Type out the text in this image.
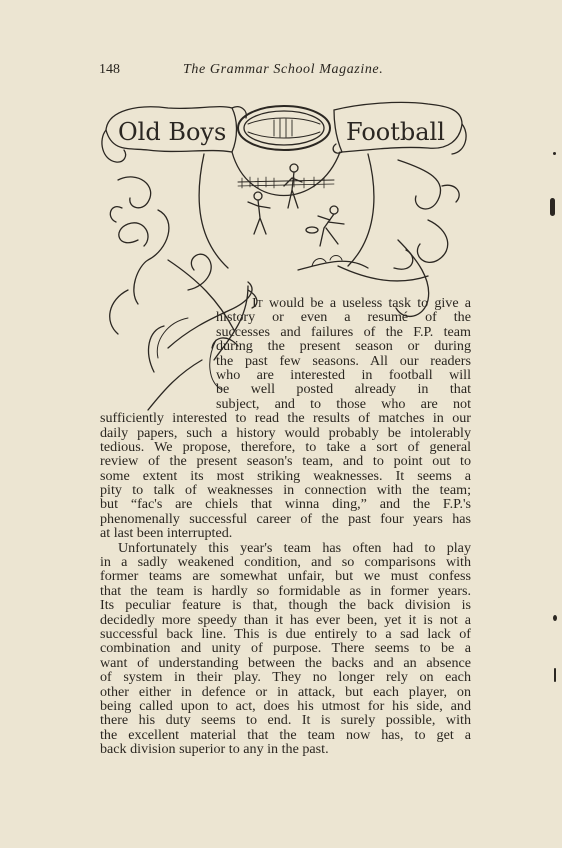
148	The Grammar School Magazine.
Old Boys	Football
It would be a useless task to give a
history or even a resumé of the
successes and failures of the F.P. team
during the present season or during
the past few seasons. All our readers
who are interested in football will
be well posted already in that
subject, and to those who are not
sufficiently interested to read the results of matches in our
daily papers, such a history would probably be intolerably
tedious. We propose, therefore, to take a sort of general
review of the present season's team, and to point out to
some extent its most striking weaknesses. It seems a
pity to talk of weaknesses in connection with the team;
but “fac's are chiels that winna ding,” and the F.P.'s
phenomenally successful career of the past four years has
at last been interrupted.
Unfortunately this year's team has often had to play
in a sadly weakened condition, and so comparisons with
former teams are somewhat unfair, but we must confess
that the team is hardly so formidable as in former years.
Its peculiar feature is that, though the back division is
decidedly more speedy than it has ever been, yet it is not a
successful back line. This is due entirely to a sad lack of
combination and unity of purpose. There seems to be a
want of understanding between the backs and an absence
of system in their play. They no longer rely on each
other either in defence or in attack, but each player, on
being called upon to act, does his utmost for his side, and
there his duty seems to end. It is surely possible, with
the excellent material that the team now has, to get a
back division superior to any in the past.
